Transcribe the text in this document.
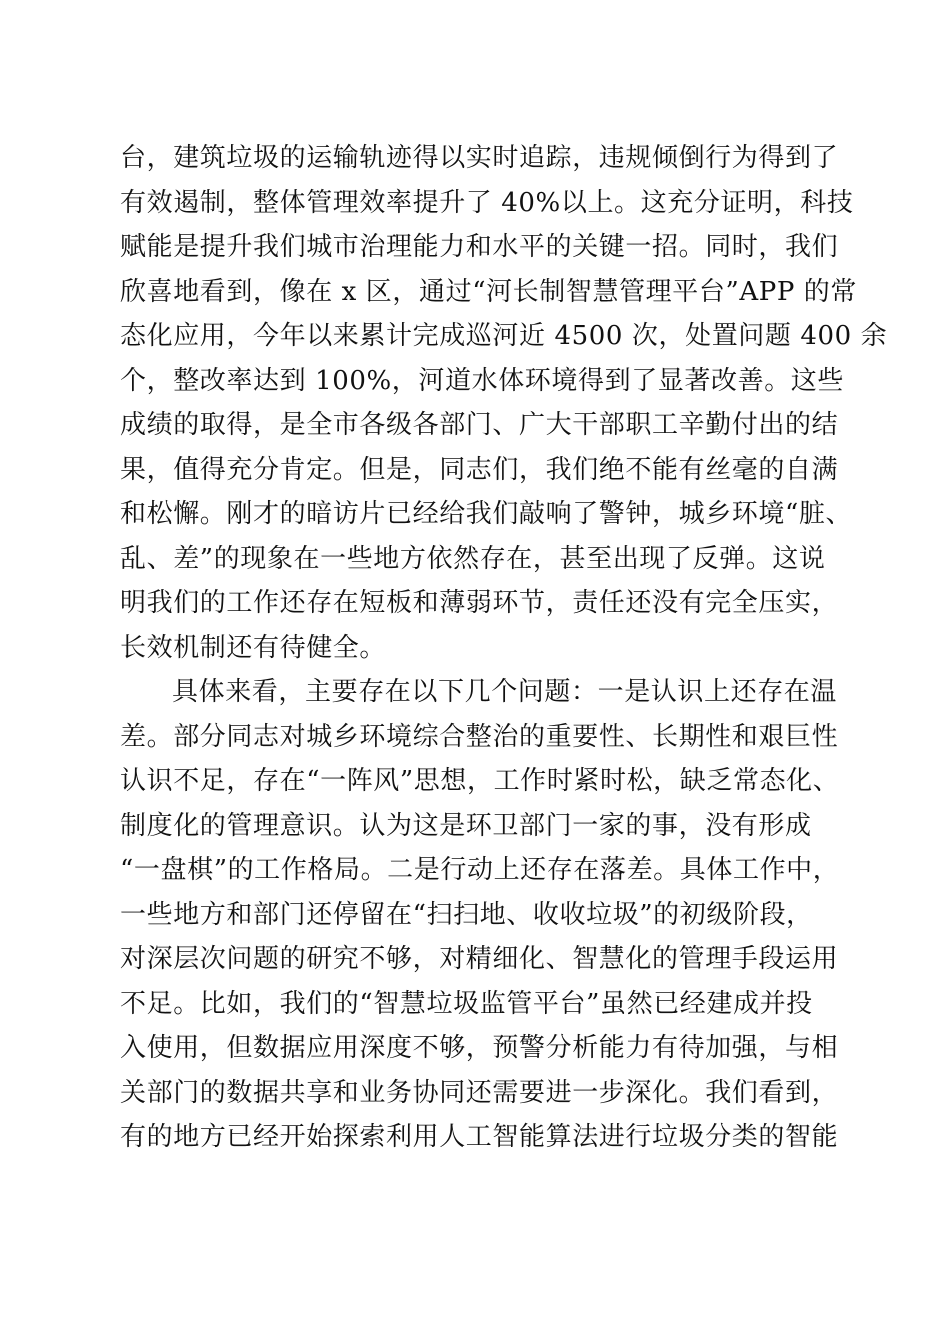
台，建筑垃圾的运输轨迹得以实时追踪，违规倾倒行为得到了
有效遏制，整体管理效率提升了 40%以上。这充分证明，科技
赋能是提升我们城市治理能力和水平的关键一招。同时，我们
欣喜地看到，像在 x 区，通过“河长制智慧管理平台”APP 的常
态化应用，今年以来累计完成巡河近 4500 次，处置问题 400 余
个，整改率达到 100%，河道水体环境得到了显著改善。这些
成绩的取得，是全市各级各部门、广大干部职工辛勤付出的结
果，值得充分肯定。但是，同志们，我们绝不能有丝毫的自满
和松懈。刚才的暗访片已经给我们敲响了警钟，城乡环境“脏、
乱、差”的现象在一些地方依然存在，甚至出现了反弹。这说
明我们的工作还存在短板和薄弱环节，责任还没有完全压实，
长效机制还有待健全。
具体来看，主要存在以下几个问题：一是认识上还存在温
差。部分同志对城乡环境综合整治的重要性、长期性和艰巨性
认识不足，存在“一阵风”思想，工作时紧时松，缺乏常态化、
制度化的管理意识。认为这是环卫部门一家的事，没有形成
“一盘棋”的工作格局。二是行动上还存在落差。具体工作中，
一些地方和部门还停留在“扫扫地、收收垃圾”的初级阶段，
对深层次问题的研究不够，对精细化、智慧化的管理手段运用
不足。比如，我们的“智慧垃圾监管平台”虽然已经建成并投
入使用，但数据应用深度不够，预警分析能力有待加强，与相
关部门的数据共享和业务协同还需要进一步深化。我们看到，
有的地方已经开始探索利用人工智能算法进行垃圾分类的智能
